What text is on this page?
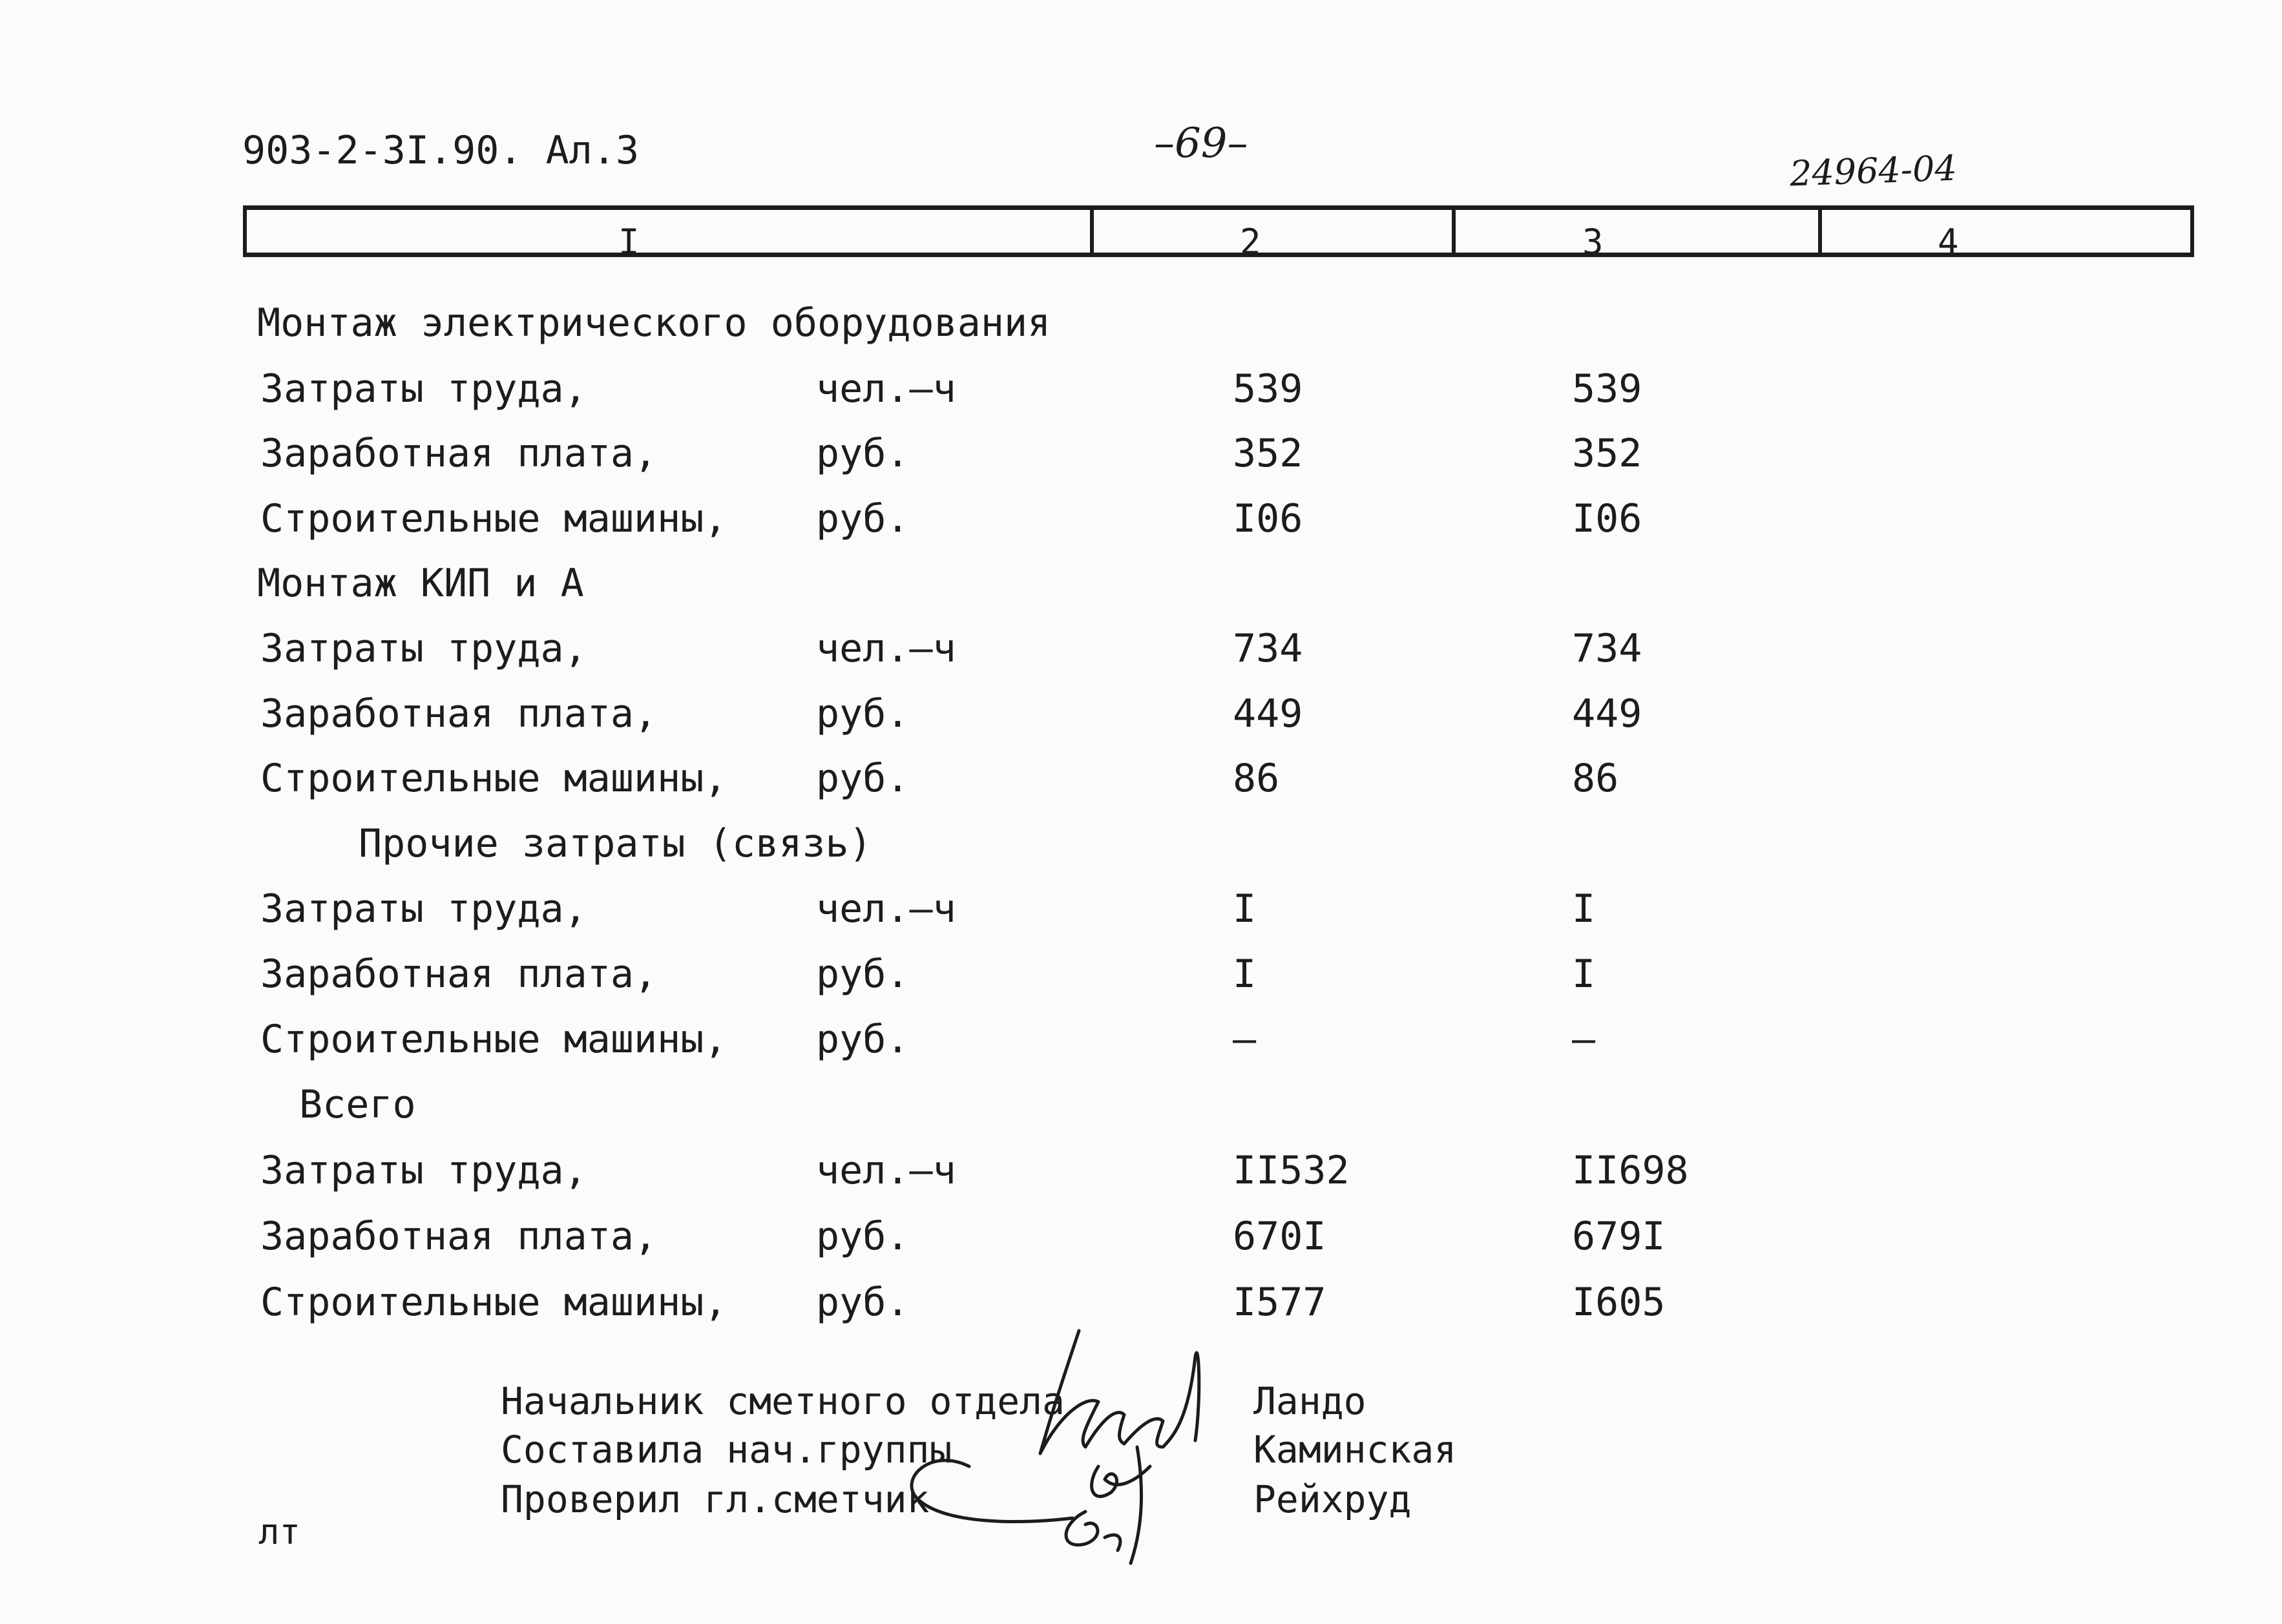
903-2-3I.90. Ал.3	–69–
24964-04
I	2	3	4
Монтаж электрического оборудования
Затраты труда,	чел.–ч	539	539
Заработная плата,	руб.	352	352
Строительные машины, руб.	I06	I06
Монтаж КИП и А
Затраты труда,	чел.–ч	734	734
Заработная плата,	руб.	449	449
Строительные машины, руб.	86	86
Прочие затраты (связь)
Затраты труда,	чел.–ч	I	I
Заработная плата,	руб.	I	I
Строительные машины, руб.	–	–
Всего
Затраты труда,	чел.–ч	II532	II698
Заработная плата,	руб.	670I	679I
Строительные машины, руб.	I577	I605
Начальник сметного отдела	Ландо
Составила нач.группы	Каминская
Проверил гл.сметчик	Рейхруд
лт
